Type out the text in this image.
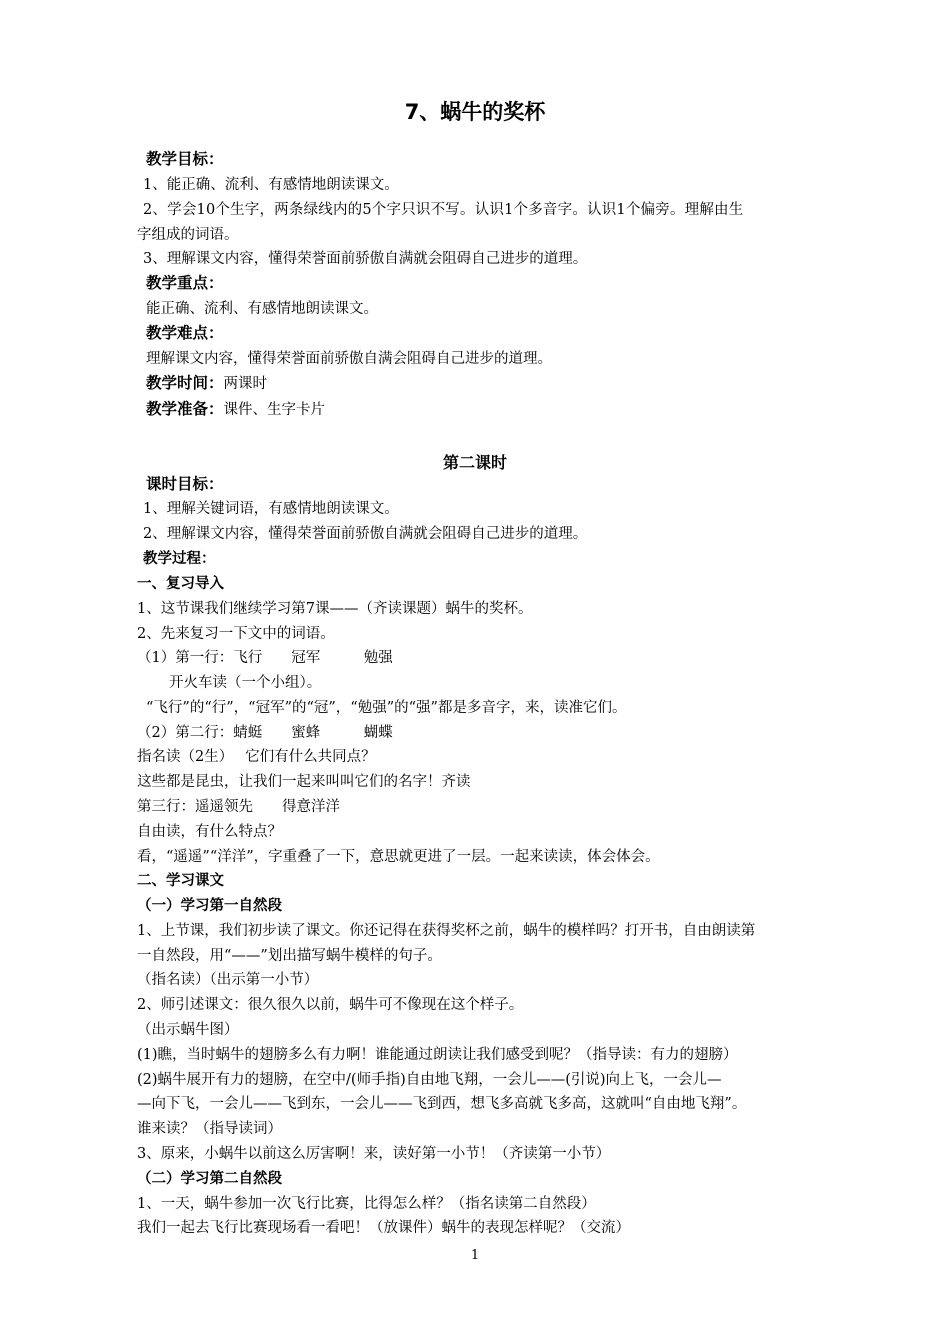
7、蜗牛的奖杯
教学目标：
1、能正确、流利、有感情地朗读课文。
2、学会10个生字，两条绿线内的5个字只识不写。认识1个多音字。认识1个偏旁。理解由生
字组成的词语。
3、理解课文内容，懂得荣誉面前骄傲自满就会阻碍自己进步的道理。
教学重点：
能正确、流利、有感情地朗读课文。
教学难点：
理解课文内容，懂得荣誉面前骄傲自满会阻碍自己进步的道理。
教学时间：两课时
教学准备：课件、生字卡片
第二课时
课时目标：
1、理解关键词语，有感情地朗读课文。
2、理解课文内容，懂得荣誉面前骄傲自满就会阻碍自己进步的道理。
教学过程：
一、复习导入
1、这节课我们继续学习第7课——（齐读课题）蜗牛的奖杯。
2、先来复习一下文中的词语。
（1）第一行：飞行　　冠军　　　勉强
开火车读（一个小组）。
“飞行”的“行”，“冠军”的“冠”，“勉强”的“强”都是多音字，来，读准它们。
（2）第二行：蜻蜓　　蜜蜂　　　蝴蝶
指名读（2生）　 它们有什么共同点？
这些都是昆虫，让我们一起来叫叫它们的名字！齐读
第三行：遥遥领先　　得意洋洋
自由读，有什么特点？
看，“遥遥”“洋洋”，字重叠了一下，意思就更进了一层。一起来读读，体会体会。
二、学习课文
（一）学习第一自然段
1、上节课，我们初步读了课文。你还记得在获得奖杯之前，蜗牛的模样吗？打开书，自由朗读第
一自然段，用“——”划出描写蜗牛模样的句子。
（指名读）（出示第一小节）
2、师引述课文：很久很久以前，蜗牛可不像现在这个样子。
（出示蜗牛图）
(1)瞧，当时蜗牛的翅膀多么有力啊！谁能通过朗读让我们感受到呢？（指导读：有力的翅膀）
(2)蜗牛展开有力的翅膀，在空中/(师手指)自由地飞翔，一会儿——(引说)向上飞，一会儿—
—向下飞，一会儿——飞到东，一会儿——飞到西，想飞多高就飞多高，这就叫“自由地飞翔”。
谁来读？（指导读词）
3、原来，小蜗牛以前这么厉害啊！来，读好第一小节！（齐读第一小节）
（二）学习第二自然段
1、一天，蜗牛参加一次飞行比赛，比得怎么样？（指名读第二自然段）
我们一起去飞行比赛现场看一看吧！（放课件）蜗牛的表现怎样呢？（交流）
1
